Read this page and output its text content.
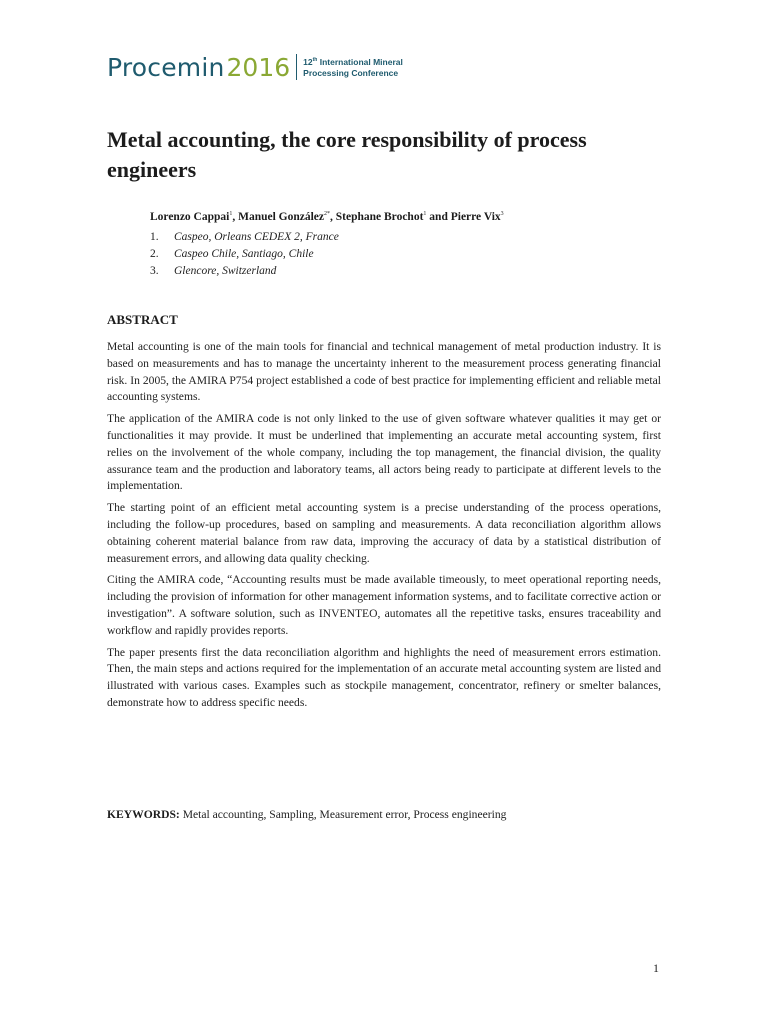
Procemin 2016 12th International Mineral
Processing Conference
Metal accounting, the core responsibility of process engineers
Lorenzo Cappai$^1$, Manuel González$^{2*}$, Stephane Brochot$^1$ and Pierre Vix$^3$
1. Caspeo, Orleans CEDEX 2, France
2. Caspeo Chile, Santiago, Chile
3. Glencore, Switzerland
ABSTRACT

Metal accounting is one of the main tools for financial and technical management of metal production industry. It is based on measurements and has to manage the uncertainty inherent to the measurement process generating financial risk. In 2005, the AMIRA P754 project established a code of best practice for implementing efficient and reliable metal accounting systems.

The application of the AMIRA code is not only linked to the use of given software whatever qualities it may get or functionalities it may provide. It must be underlined that implementing an accurate metal accounting system, first relies on the involvement of the whole company, including the top management, the financial division, the quality assurance team and the production and laboratory teams, all actors being ready to participate at different levels to the implementation.

The starting point of an efficient metal accounting system is a precise understanding of the process operations, including the follow-up procedures, based on sampling and measurements. A data reconciliation algorithm allows obtaining coherent material balance from raw data, improving the accuracy of data by a statistical distribution of measurement errors, and allowing data quality checking.

Citing the AMIRA code, “Accounting results must be made available timeously, to meet operational reporting needs, including the provision of information for other management information systems, and to facilitate corrective action or investigation”. A software solution, such as INVENTEO, automates all the repetitive tasks, ensures traceability and workflow and rapidly provides reports.

The paper presents first the data reconciliation algorithm and highlights the need of measurement errors estimation. Then, the main steps and actions required for the implementation of an accurate metal accounting system are listed and illustrated with various cases. Examples such as stockpile management, concentrator, refinery or smelter balances, demonstrate how to address specific needs.

KEYWORDS: Metal accounting, Sampling, Measurement error, Process engineering
1
